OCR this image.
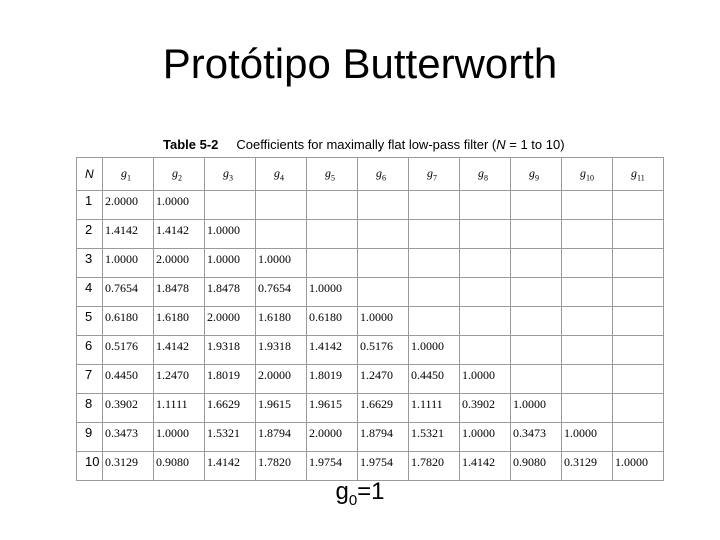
Protótipo Butterworth
Table 5-2 Coefficients for maximally flat low-pass filter (N = 1 to 10)
N	$g_1$	$g_2$	$g_3$	$g_4$	$g_5$	$g_6$	$g_7$	$g_8$	$g_9$	$g_{10}$	$g_{11}$
1	2.0000	1.0000									
2	1.4142	1.4142	1.0000								
3	1.0000	2.0000	1.0000	1.0000							
4	0.7654	1.8478	1.8478	0.7654	1.0000						
5	0.6180	1.6180	2.0000	1.6180	0.6180	1.0000					
6	0.5176	1.4142	1.9318	1.9318	1.4142	0.5176	1.0000				
7	0.4450	1.2470	1.8019	2.0000	1.8019	1.2470	0.4450	1.0000			
8	0.3902	1.1111	1.6629	1.9615	1.9615	1.6629	1.1111	0.3902	1.0000		
9	0.3473	1.0000	1.5321	1.8794	2.0000	1.8794	1.5321	1.0000	0.3473	1.0000	
10	0.3129	0.9080	1.4142	1.7820	1.9754	1.9754	1.7820	1.4142	0.9080	0.3129	1.0000
$g_0=1$
